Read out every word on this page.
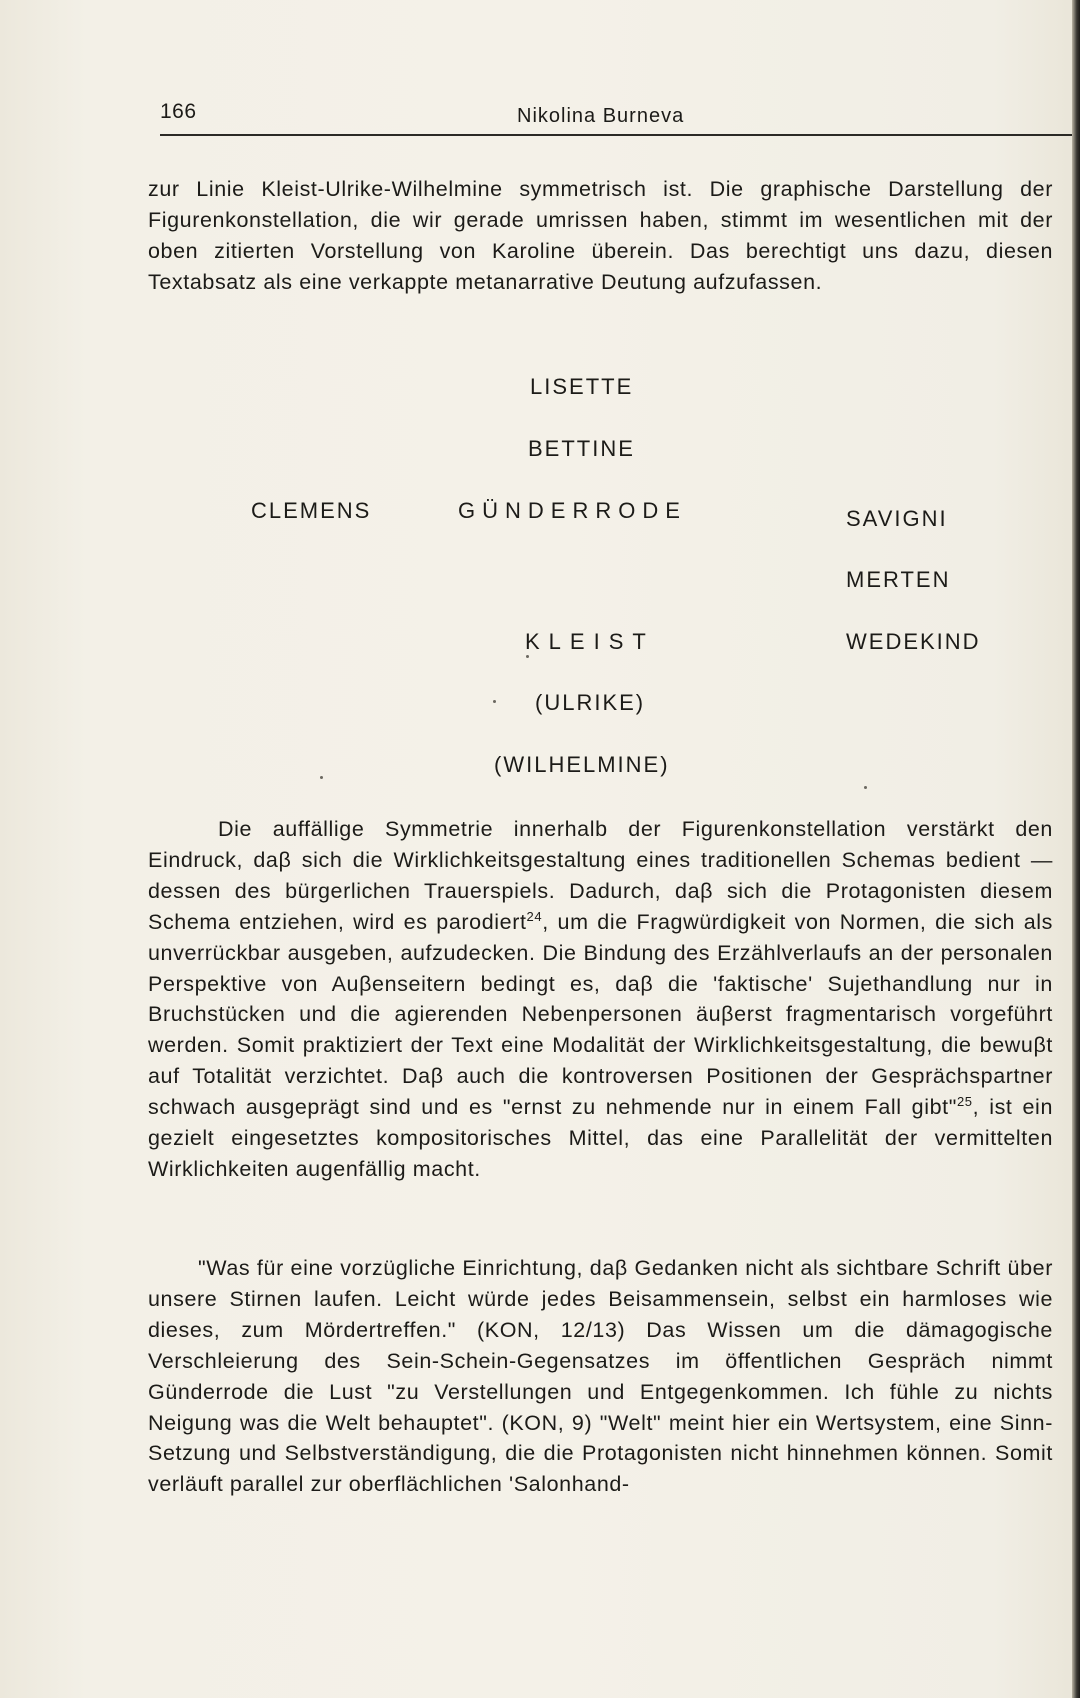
166	Nikolina Burneva

zur Linie Kleist-Ulrike-Wilhelmine symmetrisch ist. Die graphische Darstellung der Figurenkonstellation, die wir gerade umrissen haben, stimmt im wesentlichen mit der oben zitierten Vorstellung von Karoline überein. Das berechtigt uns dazu, diesen Textabsatz als eine verkappte metanarrative Deutung aufzufassen.

LISETTE
BETTINE
CLEMENS	GÜNDERRODE	SAVIGNI
MERTEN
KLEIST	WEDEKIND
(ULRIKE)
(WILHELMINE)

Die auffällige Symmetrie innerhalb der Figurenkonstellation verstärkt den Eindruck, daβ sich die Wirklichkeitsgestaltung eines traditionellen Schemas bedient — dessen des bürgerlichen Trauerspiels. Dadurch, daβ sich die Protagonisten diesem Schema entziehen, wird es parodiert$^{24}$, um die Fragwürdigkeit von Normen, die sich als unverrückbar ausgeben, aufzudecken. Die Bindung des Erzählverlaufs an der personalen Perspektive von Auβenseitern bedingt es, daβ die 'faktische' Sujethandlung nur in Bruchstücken und die agierenden Nebenpersonen äuβerst fragmentarisch vorgeführt werden. Somit praktiziert der Text eine Modalität der Wirklichkeitsgestaltung, die bewuβt auf Totalität verzichtet. Daβ auch die kontroversen Positionen der Gesprächspartner schwach ausgeprägt sind und es "ernst zu nehmende nur in einem Fall gibt"$^{25}$, ist ein gezielt eingesetztes kompositorisches Mittel, das eine Parallelität der vermittelten Wirklichkeiten augenfällig macht.

"Was für eine vorzügliche Einrichtung, daβ Gedanken nicht als sichtbare Schrift über unsere Stirnen laufen. Leicht würde jedes Beisammensein, selbst ein harmloses wie dieses, zum Mördertreffen." (KON, 12/13) Das Wissen um die dämagogische Verschleierung des Sein-Schein-Gegensatzes im öffentlichen Gespräch nimmt Günderrode die Lust "zu Verstellungen und Entgegenkommen. Ich fühle zu nichts Neigung was die Welt behauptet". (KON, 9) "Welt" meint hier ein Wertsystem, eine Sinn-Setzung und Selbstverständigung, die die Protagonisten nicht hinnehmen können. Somit verläuft parallel zur oberflächlichen 'Salonhand-
